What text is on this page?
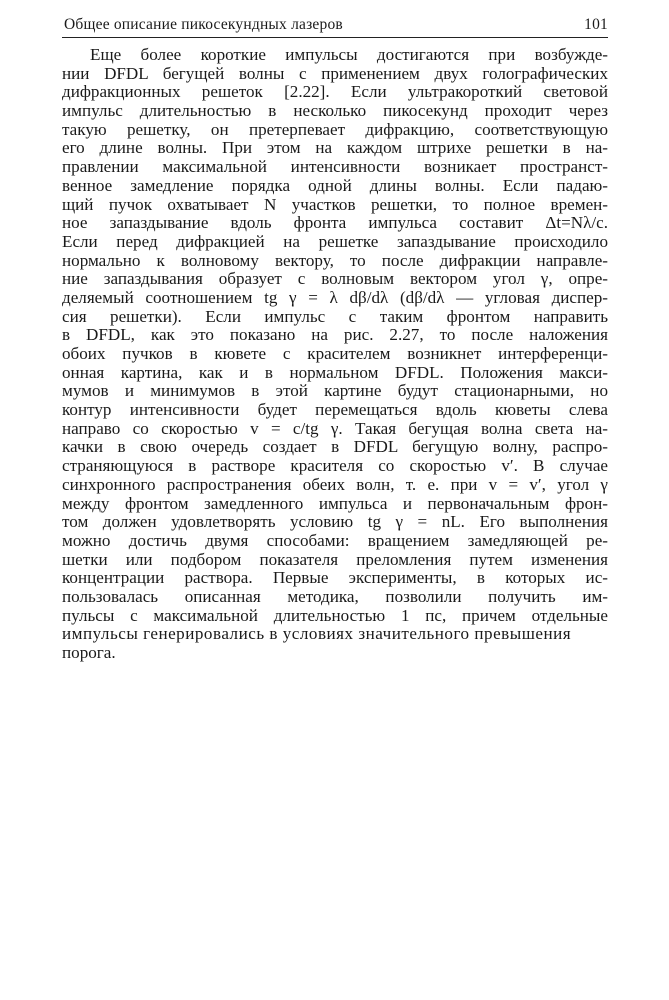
Общее описание пикосекундных лазеров	101
Еще более короткие импульсы достигаются при возбужде-
нии DFDL бегущей волны с применением двух голографических
дифракционных решеток [2.22]. Если ультракороткий световой
импульс длительностью в несколько пикосекунд проходит через
такую решетку, он претерпевает дифракцию, соответствующую
его длине волны. При этом на каждом штрихе решетки в на-
правлении максимальной интенсивности возникает пространст-
венное замедление порядка одной длины волны. Если падаю-
щий пучок охватывает N участков решетки, то полное времен-
ное запаздывание вдоль фронта импульса составит Δt=Nλ/c.
Если перед дифракцией на решетке запаздывание происходило
нормально к волновому вектору, то после дифракции направле-
ние запаздывания образует с волновым вектором угол γ, опре-
деляемый соотношением tg γ = λ dβ/dλ (dβ/dλ — угловая диспер-
сия решетки). Если импульс с таким фронтом направить
в DFDL, как это показано на рис. 2.27, то после наложения
обоих пучков в кювете с красителем возникнет интерференци-
онная картина, как и в нормальном DFDL. Положения макси-
мумов и минимумов в этой картине будут стационарными, но
контур интенсивности будет перемещаться вдоль кюветы слева
направо со скоростью v = c/tg γ. Такая бегущая волна света на-
качки в свою очередь создает в DFDL бегущую волну, распро-
страняющуюся в растворе красителя со скоростью v′. В случае
синхронного распространения обеих волн, т. е. при v = v′, угол γ
между фронтом замедленного импульса и первоначальным фрон-
том должен удовлетворять условию tg γ = nL. Его выполнения
можно достичь двумя способами: вращением замедляющей ре-
шетки или подбором показателя преломления путем изменения
концентрации раствора. Первые эксперименты, в которых ис-
пользовалась описанная методика, позволили получить им-
пульсы с максимальной длительностью 1 пс, причем отдельные
импульсы генерировались в условиях значительного превышения
порога.
